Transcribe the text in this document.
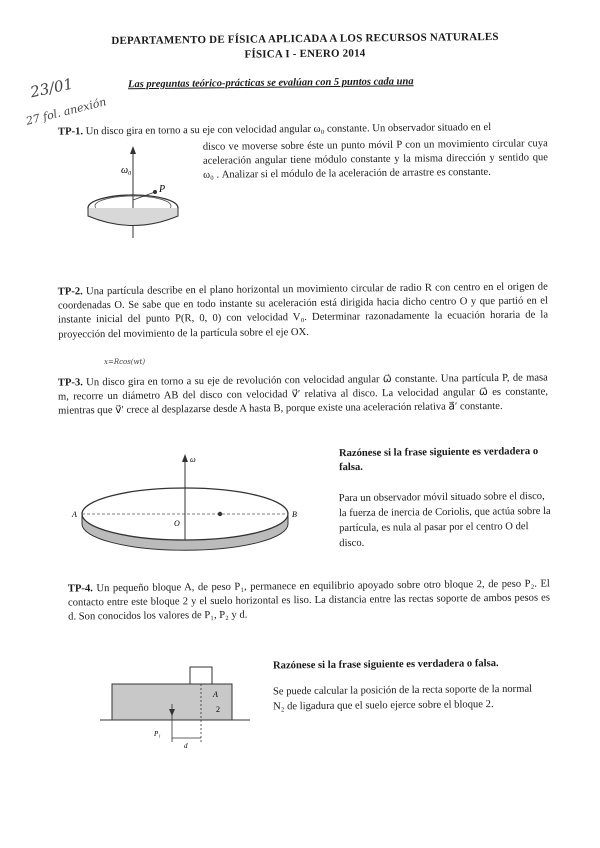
DEPARTAMENTO DE FÍSICA APLICADA A LOS RECURSOS NATURALES
FÍSICA I - ENERO 2014
Las preguntas teórico-prácticas se evalúan con 5 puntos cada una
23/01
27 fol. anexión
TP-1. Un disco gira en torno a su eje con velocidad angular ω₀ constante. Un observador situado en el
disco ve moverse sobre éste un punto móvil P con un movimiento circular cuya aceleración angular tiene módulo constante y la misma dirección y sentido que ω₀ . Analizar si el módulo de la aceleración de arrastre es constante.
ω₀
P
TP-2. Una partícula describe en el plano horizontal un movimiento circular de radio R con centro en el origen de coordenadas O. Se sabe que en todo instante su aceleración está dirigida hacia dicho centro O y que partió en el instante inicial del punto P(R, 0, 0) con velocidad V₀. Determinar razonadamente la ecuación horaria de la proyección del movimiento de la partícula sobre el eje OX.
x=Rcos(wt)
TP-3. Un disco gira en torno a su eje de revolución con velocidad angular ω⃗ constante. Una partícula P, de masa m, recorre un diámetro AB del disco con velocidad v⃗′ relativa al disco. La velocidad angular ω⃗ es constante, mientras que v⃗′ crece al desplazarse desde A hasta B, porque existe una aceleración relativa a⃗′ constante.
ω
A	B
O
Razónese si la frase siguiente es verdadera o falsa.
Para un observador móvil situado sobre el disco, la fuerza de inercia de Coriolis, que actúa sobre la partícula, es nula al pasar por el centro O del disco.
TP-4. Un pequeño bloque A, de peso P₁, permanece en equilibrio apoyado sobre otro bloque 2, de peso P₂. El contacto entre este bloque 2 y el suelo horizontal es liso. La distancia entre las rectas soporte de ambos pesos es d. Son conocidos los valores de P₁, P₂ y d.
A
2
P₁
d
Razónese si la frase siguiente es verdadera o falsa.
Se puede calcular la posición de la recta soporte de la normal N₂ de ligadura que el suelo ejerce sobre el bloque 2.
